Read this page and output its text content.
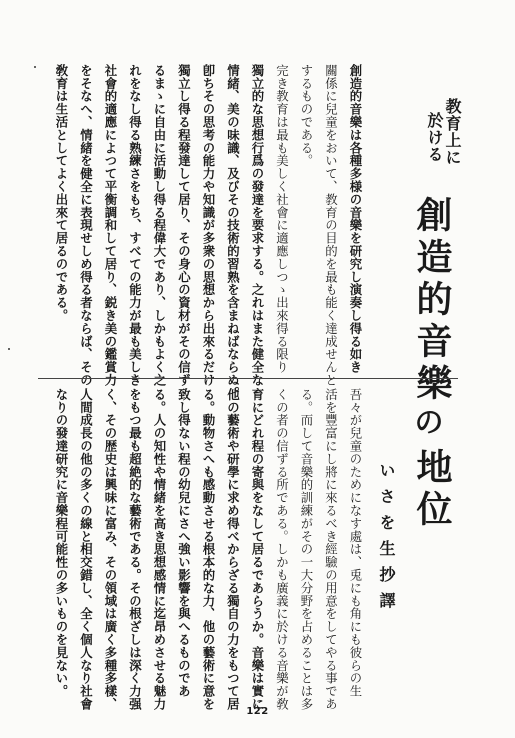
教育上に
於ける
創造的音樂
の
地位
いさを生抄譯
創造的音樂は各種多様の音樂を研究し演奏し得る如き
關係に兒童をおいて、教育の目的を最も能く達成せんと
するものである。
完き教育は最も美しく社會に適應しつゝ出來得る限り
獨立的な思想行爲の發達を要求する。之れはまた健全な
情緒、美の味識、及びその技術的習熟を含まねばならぬ。
卽ちその思考の能力や知識が多衆の思想から出來るだけ
獨立し得る程發達して居り、その身心の資材がその信ず
るまゝに自由に活動し得る程偉大であり、しかもよく之
れをなし得る熟練さをもち、すべての能力が最も美しき
社會的適應によつて平衡調和して居り、鋭き美の鑑賞力
をそなへ、情緒を健全に表現せしめ得る者ならば、その
敎育は生活としてよく出來て居るのである。
吾々が兒童のためになす處は、兎にも角にも彼らの生
活を豐富にし將に來るべき經驗の用意をしてやる事であ
る。而して音樂的訓練がその一大分野を占めることは多
くの者の信ずる所である。しかも廣義に於ける音樂が敎
育にどれ程の寄與をなして居るであらうか。音樂は實に
他の藝術や研學に求め得べからざる獨自の力をもつて居
る。動物さへも感動させる根本的な力、他の藝術に意を
致し得ない程の幼兒にさへ強い影響を與へるものであ
る。人の知性や情緒を高き思想感情に迄昂めさせる魅力
をもつ最も超絶的な藝術である。その根ざしは深く力强
く、その歴史は興味に富み、その領域は廣く多種多樣、
人間成長の他の多くの線と相交錯し、全く個人なり社會
なりの發達研究に音樂程可能性の多いものを見ない。
122
